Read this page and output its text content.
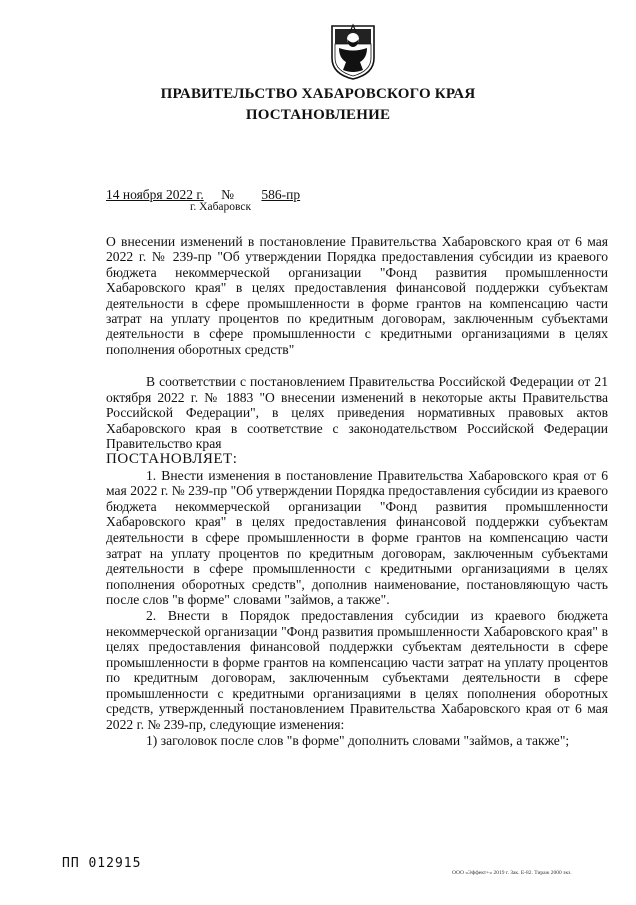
ПРАВИТЕЛЬСТВО ХАБАРОВСКОГО КРАЯ
ПОСТАНОВЛЕНИЕ
14 ноября 2022 г. № 586-пр
г. Хабаровск
О внесении изменений в постановление Правительства Хабаровского края от 6 мая 2022 г. № 239-пр "Об утверждении Порядка предоставления субсидии из краевого бюджета некоммерческой организации "Фонд развития промышленности Хабаровского края" в целях предоставления финансовой поддержки субъектам деятельности в сфере промышленности в форме грантов на компенсацию части затрат на уплату процентов по кредитным договорам, заключенным субъектами деятельности в сфере промышленности с кредитными организациями в целях пополнения оборотных средств"

В соответствии с постановлением Правительства Российской Федерации от 21 октября 2022 г. № 1883 "О внесении изменений в некоторые акты Правительства Российской Федерации", в целях приведения нормативных правовых актов Хабаровского края в соответствие с законодательством Российской Федерации Правительство края

ПОСТАНОВЛЯЕТ:

1. Внести изменения в постановление Правительства Хабаровского края от 6 мая 2022 г. № 239-пр "Об утверждении Порядка предоставления субсидии из краевого бюджета некоммерческой организации "Фонд развития промышленности Хабаровского края" в целях предоставления финансовой поддержки субъектам деятельности в сфере промышленности в форме грантов на компенсацию части затрат на уплату процентов по кредитным договорам, заключенным субъектами деятельности в сфере промышленности с кредитными организациями в целях пополнения оборотных средств", дополнив наименование, постановляющую часть после слов "в форме" словами "займов, а также".

2. Внести в Порядок предоставления субсидии из краевого бюджета некоммерческой организации "Фонд развития промышленности Хабаровского края" в целях предоставления финансовой поддержки субъектам деятельности в сфере промышленности в форме грантов на компенсацию части затрат на уплату процентов по кредитным договорам, заключенным субъектами деятельности в сфере промышленности с кредитными организациями в целях пополнения оборотных средств, утвержденный постановлением Правительства Хабаровского края от 6 мая 2022 г. № 239-пр, следующие изменения:

1) заголовок после слов "в форме" дополнить словами "займов, а также";

ПП 012915
ООО «Эффект+» 2019 г. Зак. Е-82. Тираж 2000 экз.
